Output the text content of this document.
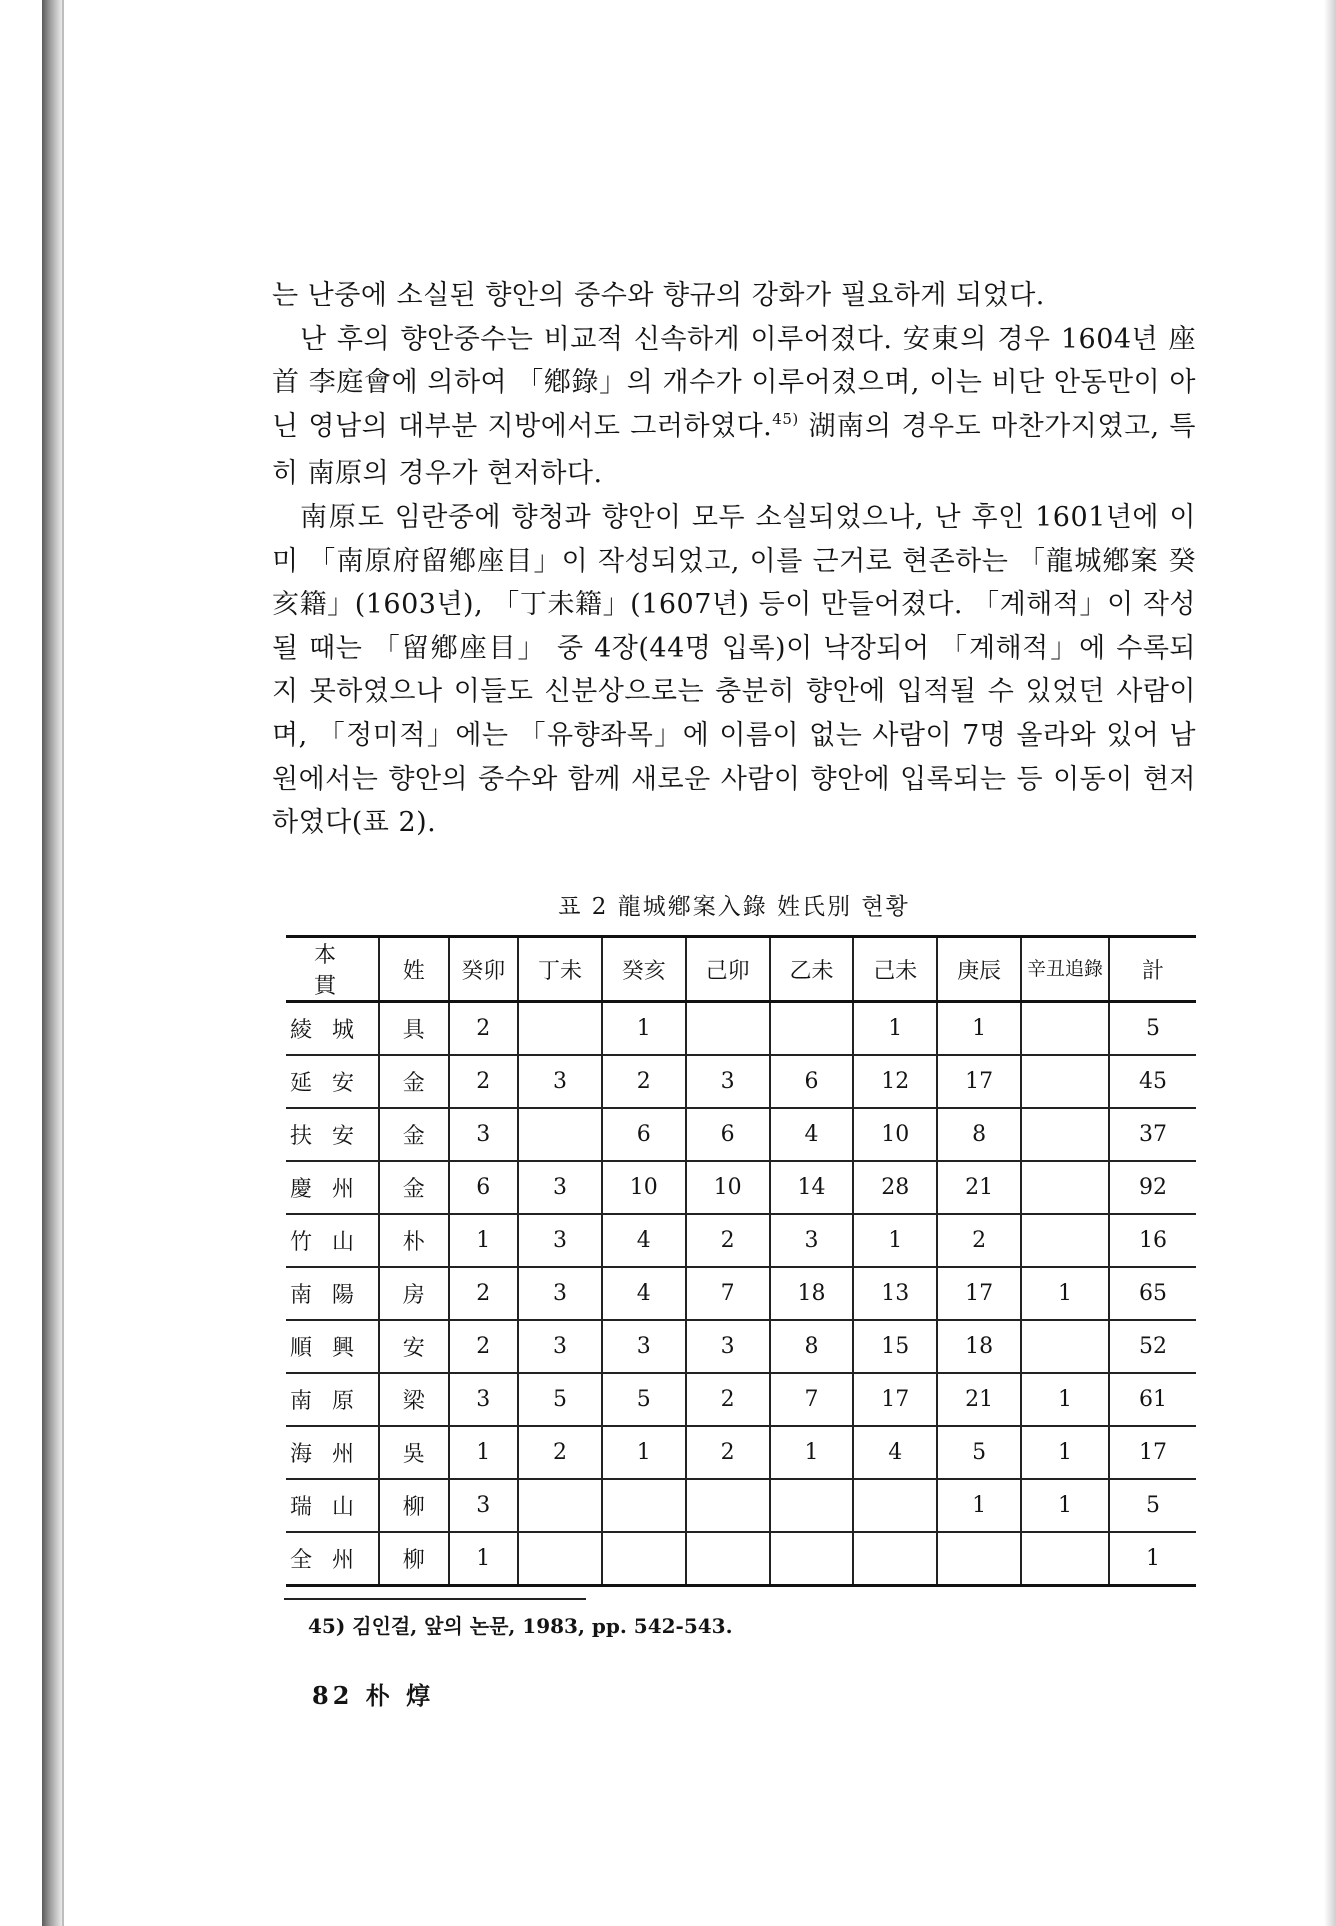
는 난중에 소실된 향안의 중수와 향규의 강화가 필요하게 되었다.

난 후의 향안중수는 비교적 신속하게 이루어졌다. 安東의 경우 1604년 座首 李庭會에 의하여 「鄕錄」의 개수가 이루어졌으며, 이는 비단 안동만이 아닌 영남의 대부분 지방에서도 그러하였다.$^{45)}$ 湖南의 경우도 마찬가지였고, 특히 南原의 경우가 현저하다.

南原도 임란중에 향청과 향안이 모두 소실되었으나, 난 후인 1601년에 이미 「南原府留鄕座目」이 작성되었고, 이를 근거로 현존하는 「龍城鄕案 癸亥籍」(1603년), 「丁未籍」(1607년) 등이 만들어졌다. 「계해적」이 작성될 때는 「留鄕座目」 중 4장(44명 입록)이 낙장되어 「계해적」에 수록되지 못하였으나 이들도 신분상으로는 충분히 향안에 입적될 수 있었던 사람이며, 「정미적」에는 「유향좌목」에 이름이 없는 사람이 7명 올라와 있어 남원에서는 향안의 중수와 함께 새로운 사람이 향안에 입록되는 등 이동이 현저하였다(표 2).

표 2 龍城鄕案入錄 姓氏別 현황
本 貫	姓	癸卯	丁未	癸亥	己卯	乙未	己未	庚辰	辛丑追錄	計
綾城	具	2		1			1	1		5
延安	金	2	3	2	3	6	12	17		45
扶安	金	3		6	6	4	10	8		37
慶州	金	6	3	10	10	14	28	21		92
竹山	朴	1	3	4	2	3	1	2		16
南陽	房	2	3	4	7	18	13	17	1	65
順興	安	2	3	3	3	8	15	18		52
南原	梁	3	5	5	2	7	17	21	1	61
海州	吳	1	2	1	2	1	4	5	1	17
瑞山	柳	3						1	1	5
全州	柳	1								1
45) 김인걸, 앞의 논문, 1983, pp. 542-543.
82 朴 焞
